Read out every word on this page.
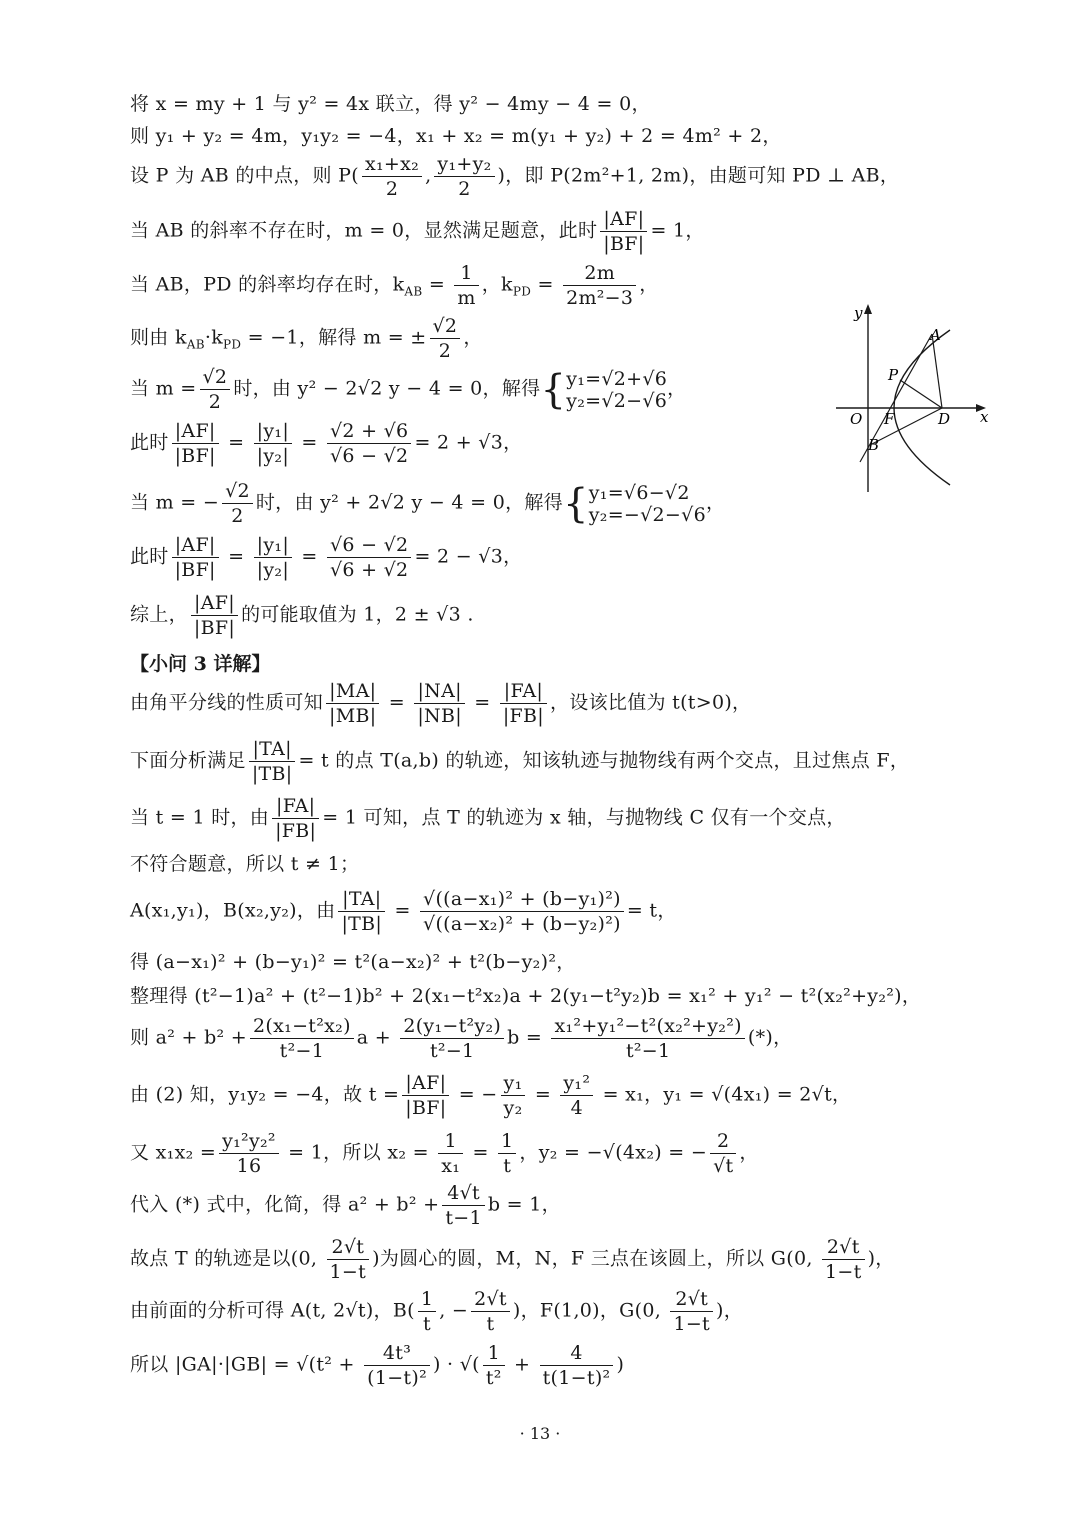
将 x = my + 1 与 y² = 4x 联立，得 y² − 4my − 4 = 0，
则 y₁ + y₂ = 4m，y₁y₂ = −4，x₁ + x₂ = m(y₁ + y₂) + 2 = 4m² + 2，
设 P 为 AB 的中点，则 $P( \frac{\text{x₁+x₂}}{2}$ , $\frac{\text{y₁+y₂}}{2}$ )，即 P(2m²+1, 2m)，由题可知 PD ⊥ AB，
当 AB 的斜率不存在时，m = 0，显然满足题意，此时 $\frac{|AF|}{|BF|} = 1$，
当 AB，PD 的斜率均存在时，$k_{AB} = \frac{1}{m}$ ，$k_{PD} = \frac{2m}{\text{2m²−3}}$ ，
则由 $k_{AB}\cdot k_{PD} = -1$，解得 m = ± $\frac{√2}{2}$ ，
当 $m = \frac{√2}{2}$ 时，由 y² − 2√2 y − 4 = 0，解得{ y₁=√2+√6
y₂=√2−√6
，
此时 $\frac{|AF|}{|BF|} = \frac{\text{|y₁|}}{\text{|y₂|}} = \frac{√2 + √6}{√6 - √2} = 2 + √3$，
当 m = − $\frac{√2}{2}$ 时，由 y² + 2√2 y − 4 = 0，解得{ y₁=√6−√2
y₂=−√2−√6
，
此时 $\frac{|AF|}{|BF|} = \frac{\text{|y₁|}}{\text{|y₂|}} = \frac{√6 - √2}{√6 + √2} = 2 - √3$，
综上， $\frac{|AF|}{|BF|}$ 的可能取值为 1，2 ± √3 .
【小问 3 详解】
由角平分线的性质可知 $\frac{|MA|}{|MB|} = \frac{|NA|}{|NB|} = \frac{|FA|}{|FB|}$ ，设该比值为 t(t>0)，
下面分析满足 $\frac{|TA|}{|TB|} = t$ 的点 T(a,b) 的轨迹，知该轨迹与抛物线有两个交点，且过焦点 F，
当 t = 1 时，由 $\frac{|FA|}{|FB|} = 1$ 可知，点 T 的轨迹为 x 轴，与抛物线 C 仅有一个交点，
不符合题意，所以 t ≠ 1；
A(x₁,y₁)，B(x₂,y₂)，由 $\frac{|TA|}{|TB|} = \frac{\text{√((a−x₁)² + (b−y₁)²)}}{\text{√((a−x₂)² + (b−y₂)²)}} = t$，
得 (a−x₁)² + (b−y₁)² = t²(a−x₂)² + t²(b−y₂)²，
整理得 (t²−1)a² + (t²−1)b² + 2(x₁−t²x₂)a + 2(y₁−t²y₂)b = x₁² + y₁² − t²(x₂²+y₂²)，
则 $a^2 + b^2 + \frac{\text{2(x₁−t²x₂)}}{\text{t²−1}}$ $a + \frac{\text{2(y₁−t²y₂)}}{\text{t²−1}}$ $b = \frac{\text{x₁²+y₁²−t²(x₂²+y₂²)}}{\text{t²−1}}$ (*)，
由 (2) 知，y₁y₂ = −4，故 $t = \frac{|AF|}{|BF|}$ = − $\frac{\text{y₁}}{\text{y₂}} = \frac{\text{y₁²}}{4} = x_1$，y₁ = √(4x₁) = 2√t，
又 $x_1x_2 = \frac{\text{y₁²y₂²}}{16} = 1$，所以 $x_2 = \frac{1}{\text{x₁}} = \frac{1}{t}$ ，y₂ = −√(4x₂) = − $\frac{2}{√t}$ ，
代入 (*) 式中，化简，得 $a^2 + b^2 + \frac{4√t}{t-1}$ b = 1，
故点 T 的轨迹是以(0, $\frac{2√t}{1-t}$ )为圆心的圆，M，N，F 三点在该圆上，所以 G(0, $\frac{2√t}{1-t}$ )，
由前面的分析可得 A(t, 2√t)，$B( \frac{1}{t}$ , − $\frac{2√t}{t}$ )，F(1,0)，G(0, $\frac{2√t}{1-t}$ )，
所以 $|GA|\cdot|GB| = √(t^2 + \frac{\text{4t³}}{\text{(1−t)²}}$ ) · √( $\frac{1}{\text{t²}} + \frac{4}{\text{t(1−t)²}}$ )
y
x
O F	D
A
B
P
· 13 ·
